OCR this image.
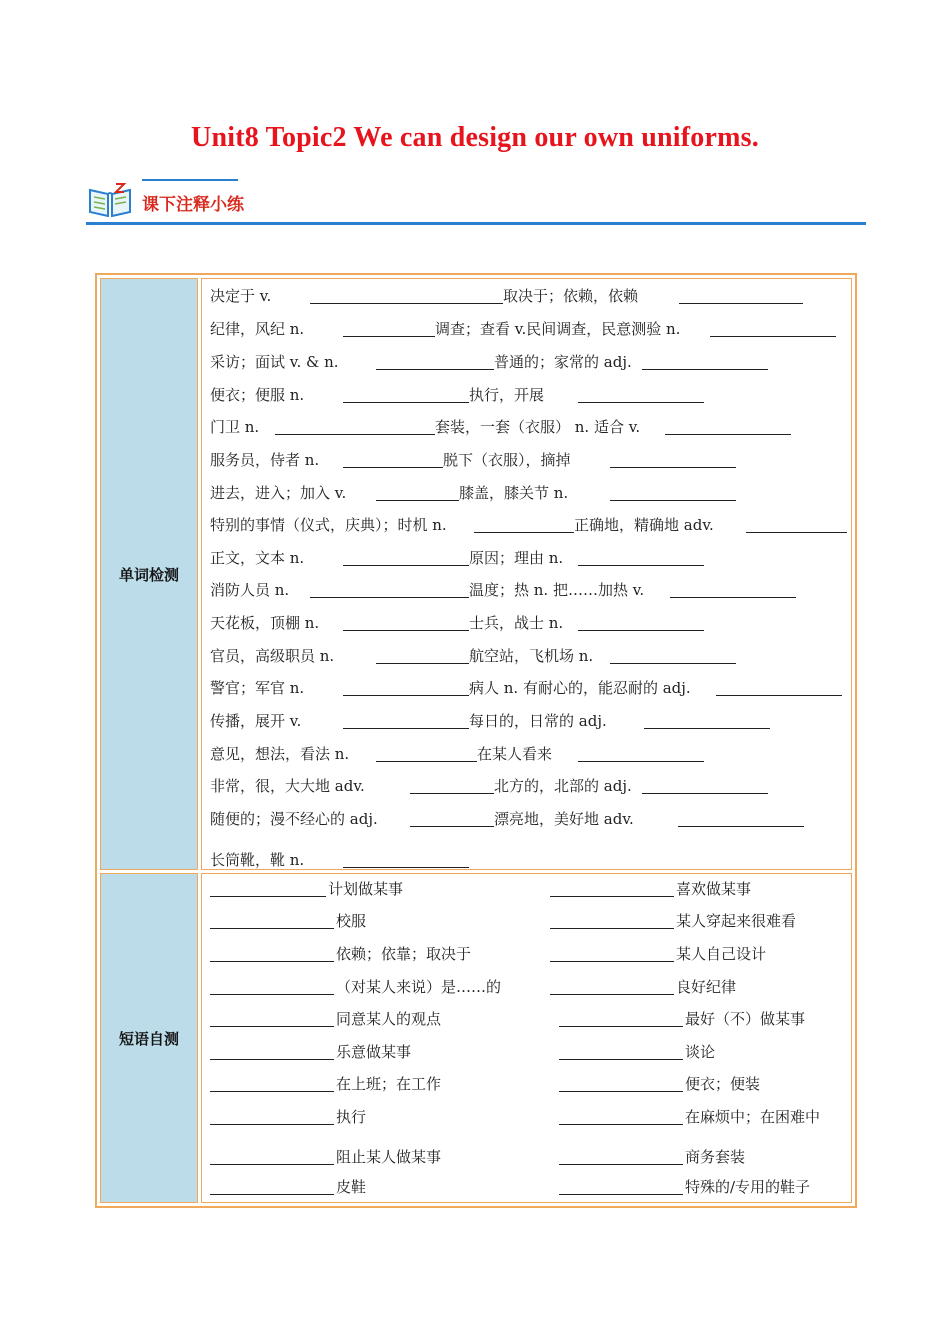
Unit8 Topic2 We can design our own uniforms.
课下注释小练
单词检测
决定于 v.	取决于；依赖，依赖
纪律，风纪 n.	调查；查看 v.民间调查，民意测验 n.
采访；面试 v. & n.	普通的；家常的 adj.
便衣；便服 n.	执行，开展
门卫 n.	套装，一套（衣服） n. 适合 v.
服务员，侍者 n.	脱下（衣服），摘掉
进去，进入；加入 v.	膝盖，膝关节 n.
特别的事情（仪式，庆典）；时机 n.	正确地，精确地 adv.
正文，文本 n.	原因；理由 n.
消防人员 n.	温度；热 n. 把……加热 v.
天花板，顶棚 n.	士兵，战士 n.
官员，高级职员 n.	航空站，飞机场 n.
警官；军官 n.	病人 n. 有耐心的，能忍耐的 adj.
传播，展开 v.	每日的，日常的 adj.
意见，想法，看法 n.	在某人看来
非常，很，大大地 adv.	北方的，北部的 adj.
随便的；漫不经心的 adj.	漂亮地，美好地 adv.
长筒靴，靴 n.
短语自测
计划做某事	喜欢做某事
校服	某人穿起来很难看
依赖；依靠；取决于	某人自己设计
（对某人来说）是……的	良好纪律
同意某人的观点	最好（不）做某事
乐意做某事	谈论
在上班；在工作	便衣；便装
执行	在麻烦中；在困难中
阻止某人做某事	商务套装
皮鞋	特殊的/专用的鞋子
